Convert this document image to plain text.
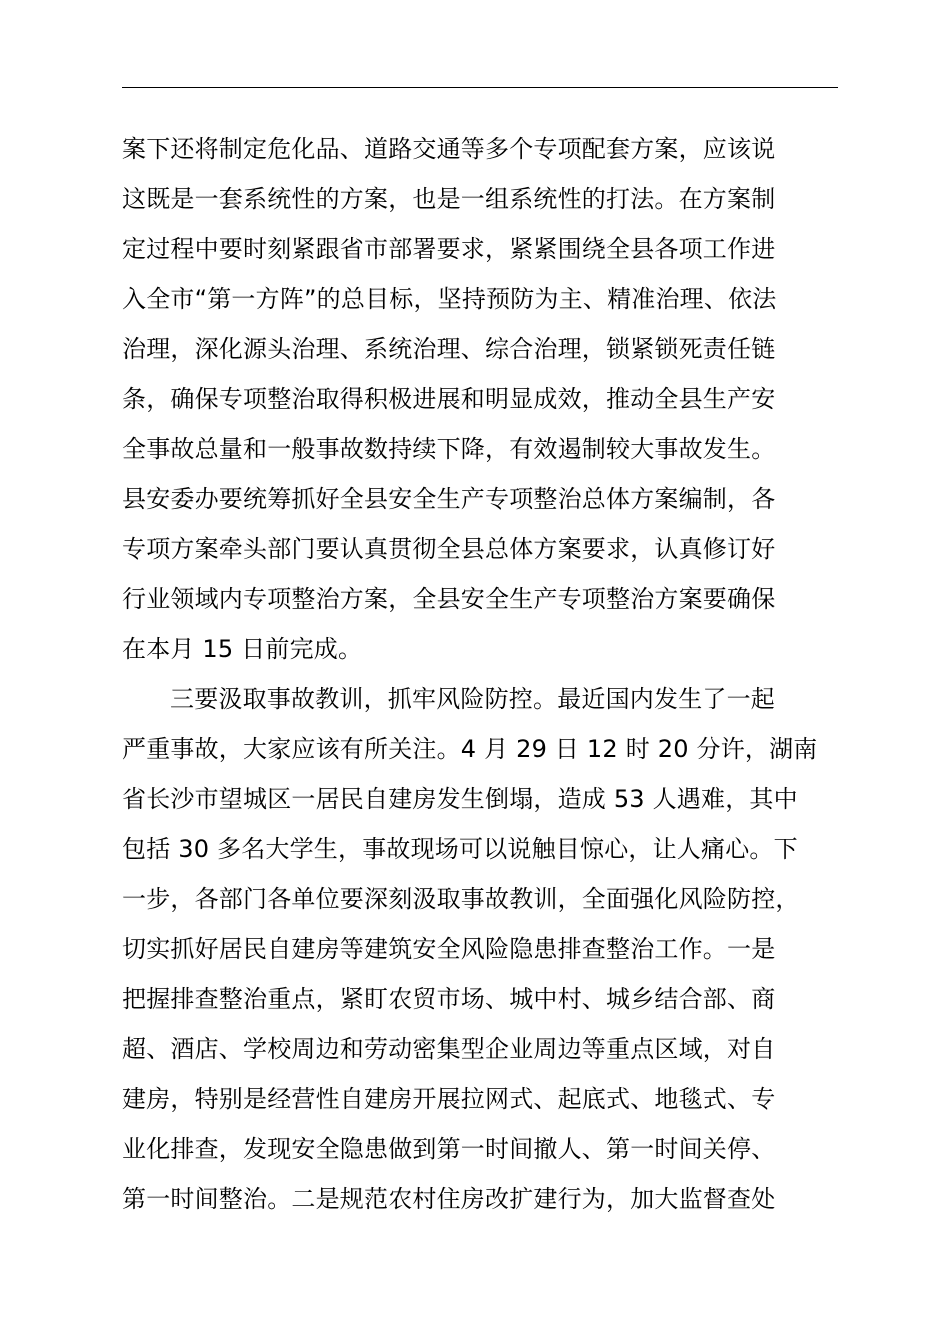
案下还将制定危化品、道路交通等多个专项配套方案，应该说
这既是一套系统性的方案，也是一组系统性的打法。在方案制
定过程中要时刻紧跟省市部署要求，紧紧围绕全县各项工作进
入全市“第一方阵”的总目标，坚持预防为主、精准治理、依法
治理，深化源头治理、系统治理、综合治理，锁紧锁死责任链
条，确保专项整治取得积极进展和明显成效，推动全县生产安
全事故总量和一般事故数持续下降，有效遏制较大事故发生。
县安委办要统筹抓好全县安全生产专项整治总体方案编制，各
专项方案牵头部门要认真贯彻全县总体方案要求，认真修订好
行业领域内专项整治方案，全县安全生产专项整治方案要确保
在本月 15 日前完成。
三要汲取事故教训，抓牢风险防控。最近国内发生了一起
严重事故，大家应该有所关注。4 月 29 日 12 时 20 分许，湖南
省长沙市望城区一居民自建房发生倒塌，造成 53 人遇难，其中
包括 30 多名大学生，事故现场可以说触目惊心，让人痛心。下
一步，各部门各单位要深刻汲取事故教训，全面强化风险防控，
切实抓好居民自建房等建筑安全风险隐患排查整治工作。一是
把握排查整治重点，紧盯农贸市场、城中村、城乡结合部、商
超、酒店、学校周边和劳动密集型企业周边等重点区域，对自
建房，特别是经营性自建房开展拉网式、起底式、地毯式、专
业化排查，发现安全隐患做到第一时间撤人、第一时间关停、
第一时间整治。二是规范农村住房改扩建行为，加大监督查处
